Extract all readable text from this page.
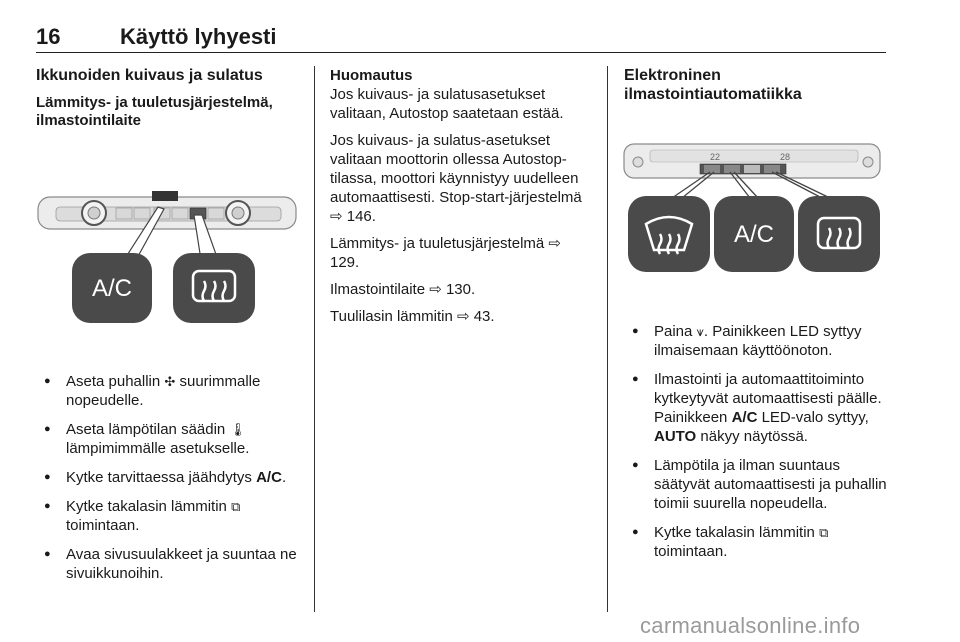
16	Käyttö lyhyesti
Ikkunoiden kuivaus ja sulatus
Lämmitys- ja tuuletusjärjestelmä, ilmastointilaite
A/C
● Aseta puhallin ✣ suurimmalle nopeudelle.
● Aseta lämpötilan säädin 🌡 lämpimimmälle asetukselle.
● Kytke tarvittaessa jäähdytys A/C.
● Kytke takalasin lämmitin ⧉ toimintaan.
● Avaa sivusuulakkeet ja suuntaa ne sivuikkunoihin.
Huomautus

Jos kuivaus- ja sulatusasetukset valitaan, Autostop saatetaan estää.

Jos kuivaus- ja sulatus-asetukset valitaan moottorin ollessa Autostop-tilassa, moottori käynnistyy uudelleen automaattisesti. Stop-start-järjestelmä ⇨ 146.

Lämmitys- ja tuuletusjärjestelmä ⇨ 129.

Ilmastointilaite ⇨ 130.

Tuulilasin lämmitin ⇨ 43.

Elektroninen ilmastointiautomatiikka
22	28
A/C
● Paina ⩛. Painikkeen LED syttyy ilmaisemaan käyttöönoton.
● Ilmastointi ja automaattitoiminto kytkeytyvät automaattisesti päälle. Painikkeen A/C LED-valo syttyy, AUTO näkyy näytössä.
● Lämpötila ja ilman suuntaus säätyvät automaattisesti ja puhallin toimii suurella nopeudella.
● Kytke takalasin lämmitin ⧉ toimintaan.
carmanualsonline.info
